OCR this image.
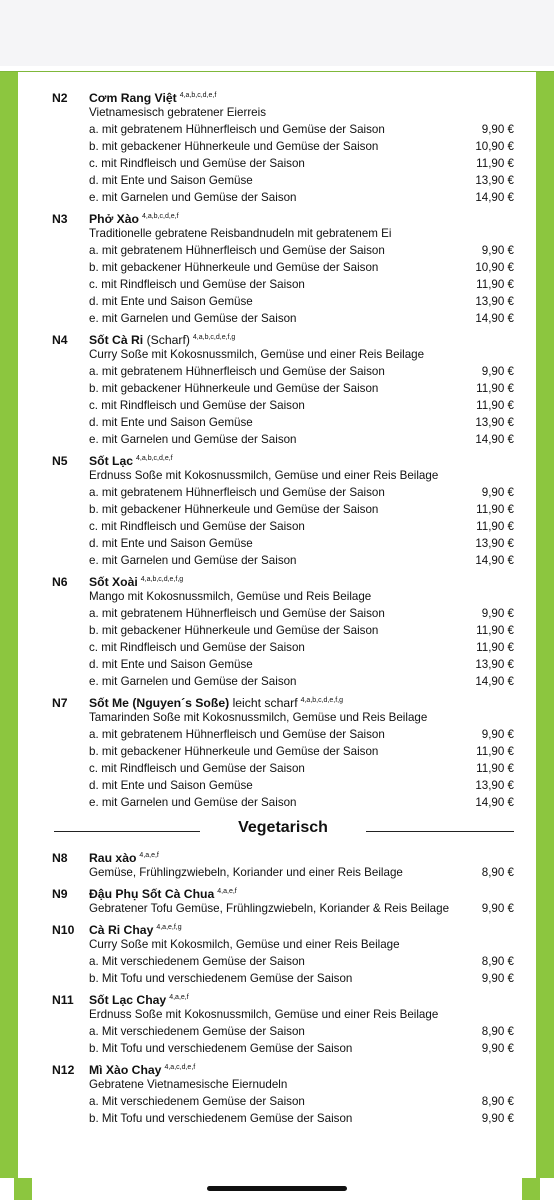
N2	Cơm Rang Việt $^{4,a,b,c,d,e,f}$
Vietnamesisch gebratener Eierreis
a. mit gebratenem Hühnerfleisch und Gemüse der Saison	9,90 €
b. mit gebackener Hühnerkeule und Gemüse der Saison	10,90 €
c. mit Rindfleisch und Gemüse der Saison	11,90 €
d. mit Ente und Saison Gemüse	13,90 €
e. mit Garnelen und Gemüse der Saison	14,90 €
N3	Phở Xào $^{4,a,b,c,d,e,f}$
Traditionelle gebratene Reisbandnudeln mit gebratenem Ei
a. mit gebratenem Hühnerfleisch und Gemüse der Saison	9,90 €
b. mit gebackener Hühnerkeule und Gemüse der Saison	10,90 €
c. mit Rindfleisch und Gemüse der Saison	11,90 €
d. mit Ente und Saison Gemüse	13,90 €
e. mit Garnelen und Gemüse der Saison	14,90 €
N4	Sốt Cà Ri (Scharf) $^{4,a,b,c,d,e,f,g}$
Curry Soße mit Kokosnussmilch, Gemüse und einer Reis Beilage
a. mit gebratenem Hühnerfleisch und Gemüse der Saison	9,90 €
b. mit gebackener Hühnerkeule und Gemüse der Saison	11,90 €
c. mit Rindfleisch und Gemüse der Saison	11,90 €
d. mit Ente und Saison Gemüse	13,90 €
e. mit Garnelen und Gemüse der Saison	14,90 €
N5	Sốt Lạc $^{4,a,b,c,d,e,f}$
Erdnuss Soße mit Kokosnussmilch, Gemüse und einer Reis Beilage
a. mit gebratenem Hühnerfleisch und Gemüse der Saison	9,90 €
b. mit gebackener Hühnerkeule und Gemüse der Saison	11,90 €
c. mit Rindfleisch und Gemüse der Saison	11,90 €
d. mit Ente und Saison Gemüse	13,90 €
e. mit Garnelen und Gemüse der Saison	14,90 €
N6	Sốt Xoài $^{4,a,b,c,d,e,f,g}$
Mango mit Kokosnussmilch, Gemüse und Reis Beilage
a. mit gebratenem Hühnerfleisch und Gemüse der Saison	9,90 €
b. mit gebackener Hühnerkeule und Gemüse der Saison	11,90 €
c. mit Rindfleisch und Gemüse der Saison	11,90 €
d. mit Ente und Saison Gemüse	13,90 €
e. mit Garnelen und Gemüse der Saison	14,90 €
N7	Sốt Me (Nguyen´s Soße) leicht scharf $^{4,a,b,c,d,e,f,g}$
Tamarinden Soße mit Kokosnussmilch, Gemüse und Reis Beilage
a. mit gebratenem Hühnerfleisch und Gemüse der Saison	9,90 €
b. mit gebackener Hühnerkeule und Gemüse der Saison	11,90 €
c. mit Rindfleisch und Gemüse der Saison	11,90 €
d. mit Ente und Saison Gemüse	13,90 €
e. mit Garnelen und Gemüse der Saison	14,90 €
Vegetarisch
N8	Rau xào $^{4,a,e,f}$
Gemüse, Frühlingzwiebeln, Koriander und einer Reis Beilage	8,90 €
N9	Đậu Phụ Sốt Cà Chua $^{4,a,e,f}$
Gebratener Tofu Gemüse, Frühlingzwiebeln, Koriander & Reis Beilage	9,90 €
N10	Cà Ri Chay $^{4,a,e,f,g}$
Curry Soße mit Kokosmilch, Gemüse und einer Reis Beilage
a. Mit verschiedenem Gemüse der Saison	8,90 €
b. Mit Tofu und verschiedenem Gemüse der Saison	9,90 €
N11	Sốt Lạc Chay $^{4,a,e,f}$
Erdnuss Soße mit Kokosnussmilch, Gemüse und einer Reis Beilage
a. Mit verschiedenem Gemüse der Saison	8,90 €
b. Mit Tofu und verschiedenem Gemüse der Saison	9,90 €
N12	Mì Xào Chay $^{4,a,c,d,e,f}$
Gebratene Vietnamesische Eiernudeln
a. Mit verschiedenem Gemüse der Saison	8,90 €
b. Mit Tofu und verschiedenem Gemüse der Saison	9,90 €
